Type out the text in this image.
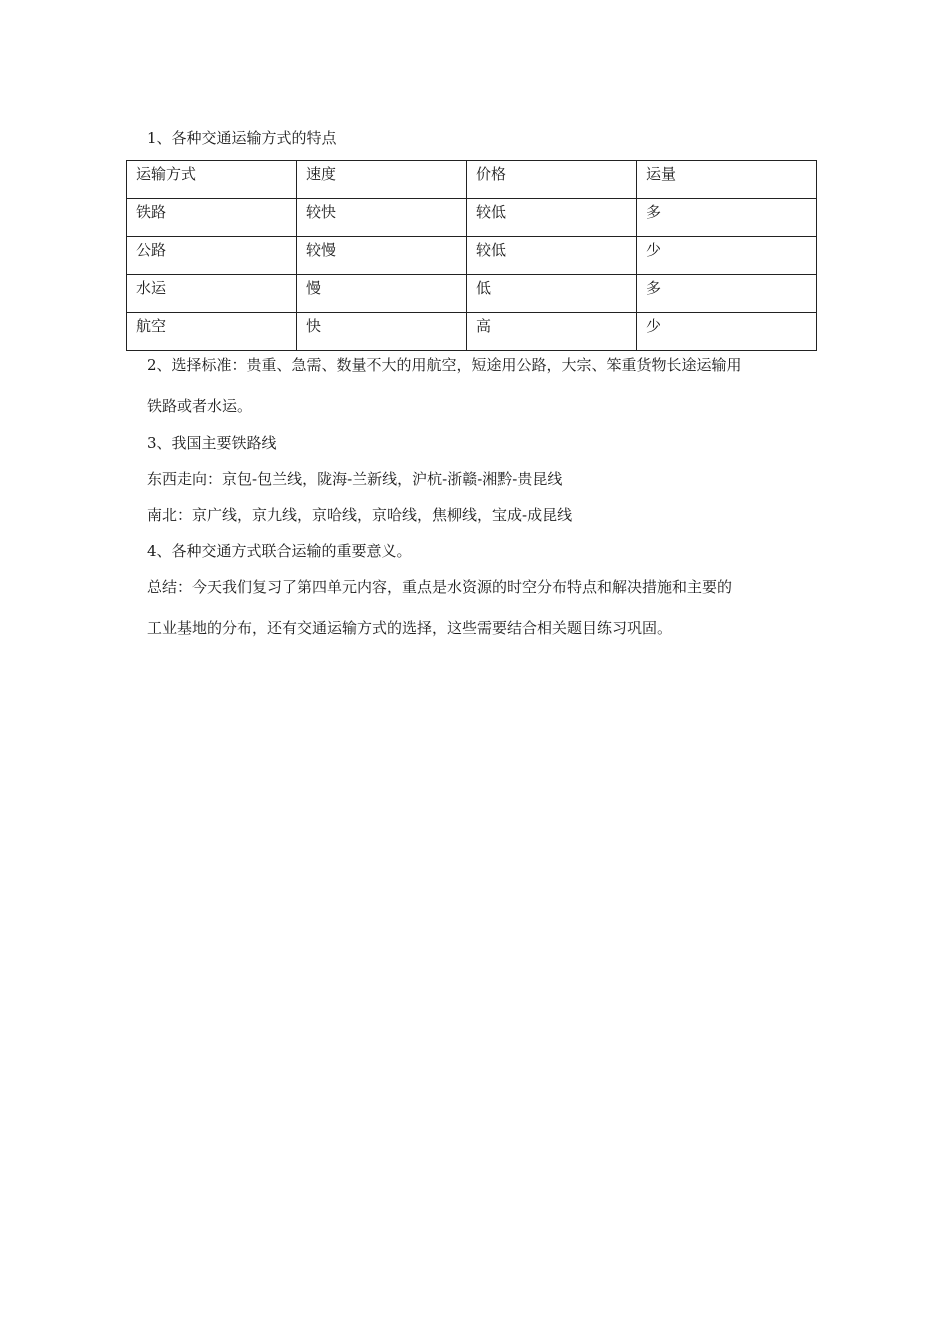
1、各种交通运输方式的特点
运输方式	速度	价格	运量
铁路	较快	较低	多
公路	较慢	较低	少
水运	慢	低	多
航空	快	高	少
2、选择标准：贵重、急需、数量不大的用航空，短途用公路，大宗、笨重货物长途运输用
铁路或者水运。
3、我国主要铁路线
东西走向：京包-包兰线，陇海-兰新线，沪杭-浙赣-湘黔-贵昆线
南北：京广线，京九线，京哈线，京哈线，焦柳线，宝成-成昆线
4、各种交通方式联合运输的重要意义。
总结：今天我们复习了第四单元内容，重点是水资源的时空分布特点和解决措施和主要的
工业基地的分布，还有交通运输方式的选择，这些需要结合相关题目练习巩固。
